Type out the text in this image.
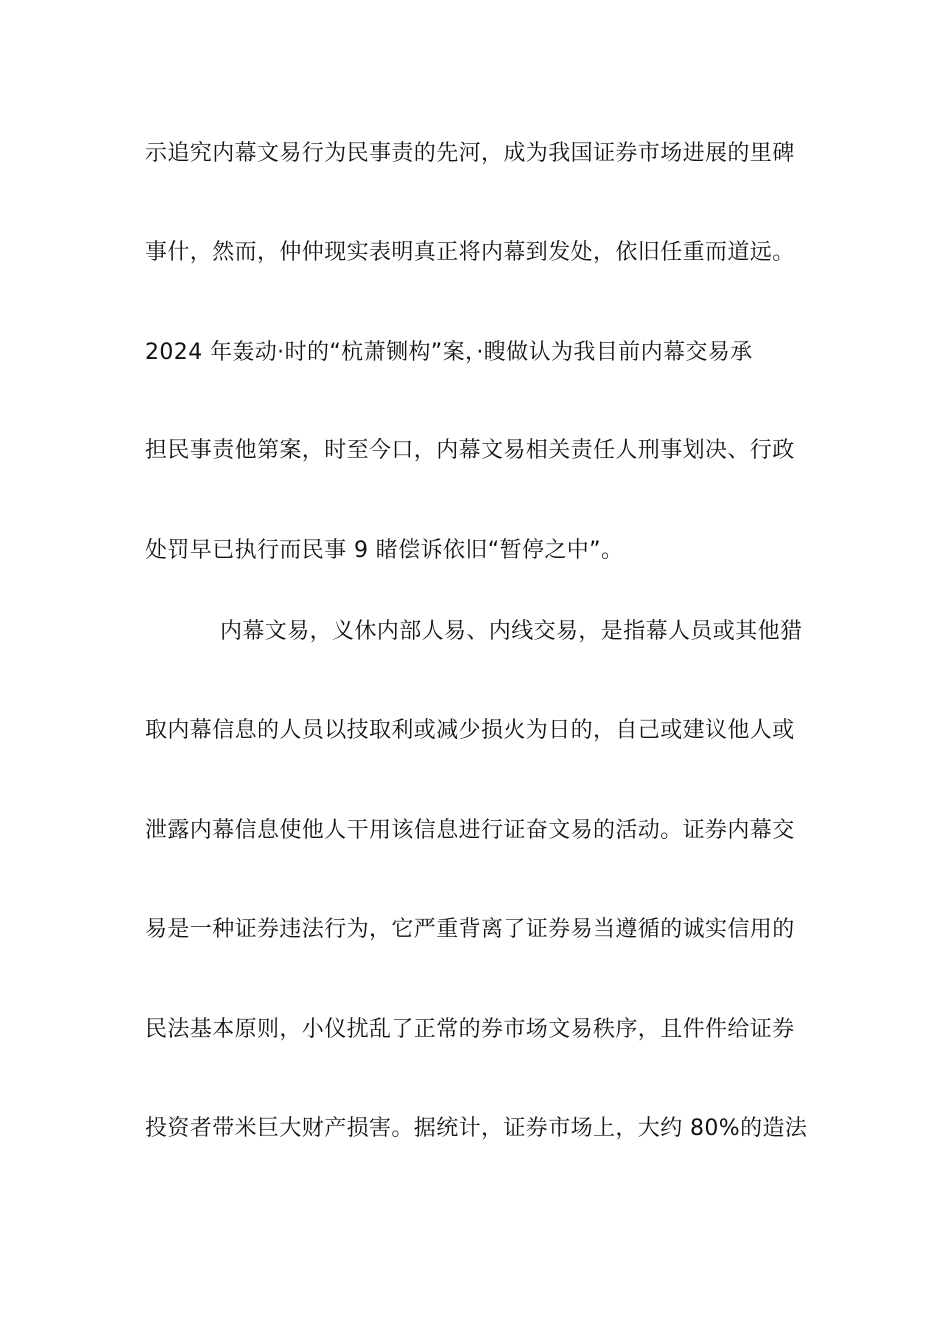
示追究内幕文易行为民事责的先河，成为我国证券市场进展的里碑
事什，然而，仲仲现实表明真正将内幕到发处，依旧任重而道远。
2024 年轰动·时的“杭萧铡构”案，·瞍做认为我目前内幕交易承
担民事责他第案，时至今口，内幕文易相关责任人刑事划决、行政
处罚早已执行而民事 9 睹偿诉依旧“暂停之中”。
内幕文易，义休内部人易、内线交易，是指幕人员或其他猎
取内幕信息的人员以技取利或减少损火为日的，自己或建议他人或
泄露内幕信息使他人干用该信息进行证奋文易的活动。证券内幕交
易是一种证券违法行为，它严重背离了证券易当遵循的诚实信用的
民法基本原则，小仪扰乱了正常的券市场文易秩序，且件件给证券
投资者带米巨大财产损害。据统计，证券市场上，大约 80%的造法
